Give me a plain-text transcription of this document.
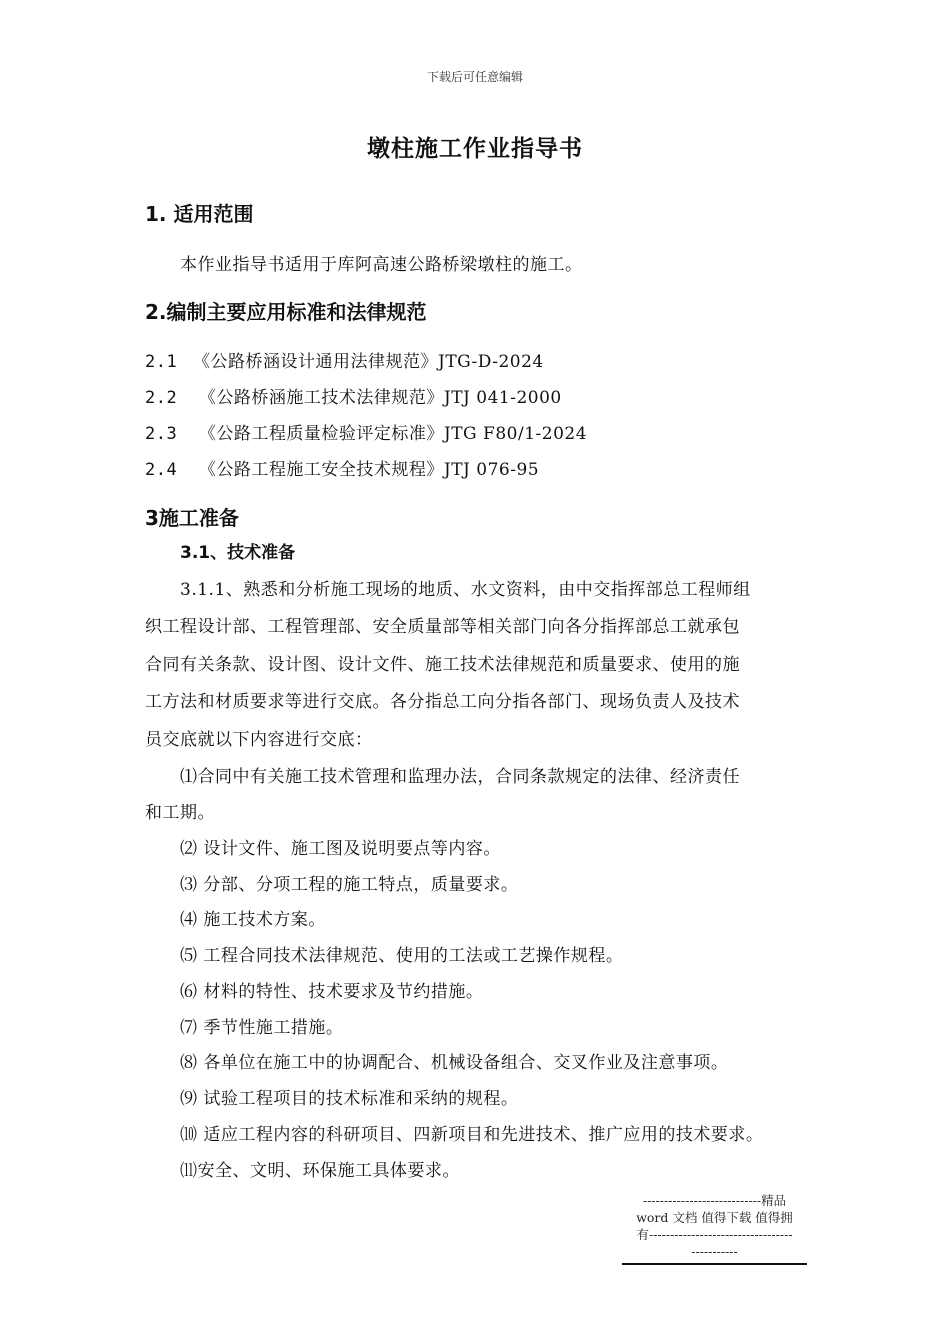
下载后可任意编辑
墩柱施工作业指导书
1. 适用范围
本作业指导书适用于库阿高速公路桥梁墩柱的施工。
2.编制主要应用标准和法律规范
2.1 《公路桥涵设计通用法律规范》JTG-D-2024
2.2 《公路桥涵施工技术法律规范》JTJ 041-2000
2.3 《公路工程质量检验评定标准》JTG F80/1-2024
2.4 《公路工程施工安全技术规程》JTJ 076-95
3施工准备
3.1、技术准备
3.1.1、熟悉和分析施工现场的地质、水文资料，由中交指挥部总工程师组
织工程设计部、工程管理部、安全质量部等相关部门向各分指挥部总工就承包
合同有关条款、设计图、设计文件、施工技术法律规范和质量要求、使用的施
工方法和材质要求等进行交底。各分指总工向分指各部门、现场负责人及技术
员交底就以下内容进行交底：
⑴合同中有关施工技术管理和监理办法，合同条款规定的法律、经济责任
和工期。
⑵ 设计文件、施工图及说明要点等内容。
⑶ 分部、分项工程的施工特点，质量要求。
⑷ 施工技术方案。
⑸ 工程合同技术法律规范、使用的工法或工艺操作规程。
⑹ 材料的特性、技术要求及节约措施。
⑺ 季节性施工措施。
⑻ 各单位在施工中的协调配合、机械设备组合、交叉作业及注意事项。
⑼ 试验工程项目的技术标准和采纳的规程。
⑽ 适应工程内容的科研项目、四新项目和先进技术、推广应用的技术要求。
⑾安全、文明、环保施工具体要求。
----------------------------精品
word 文档 值得下载 值得拥
有----------------------------------
-----------
